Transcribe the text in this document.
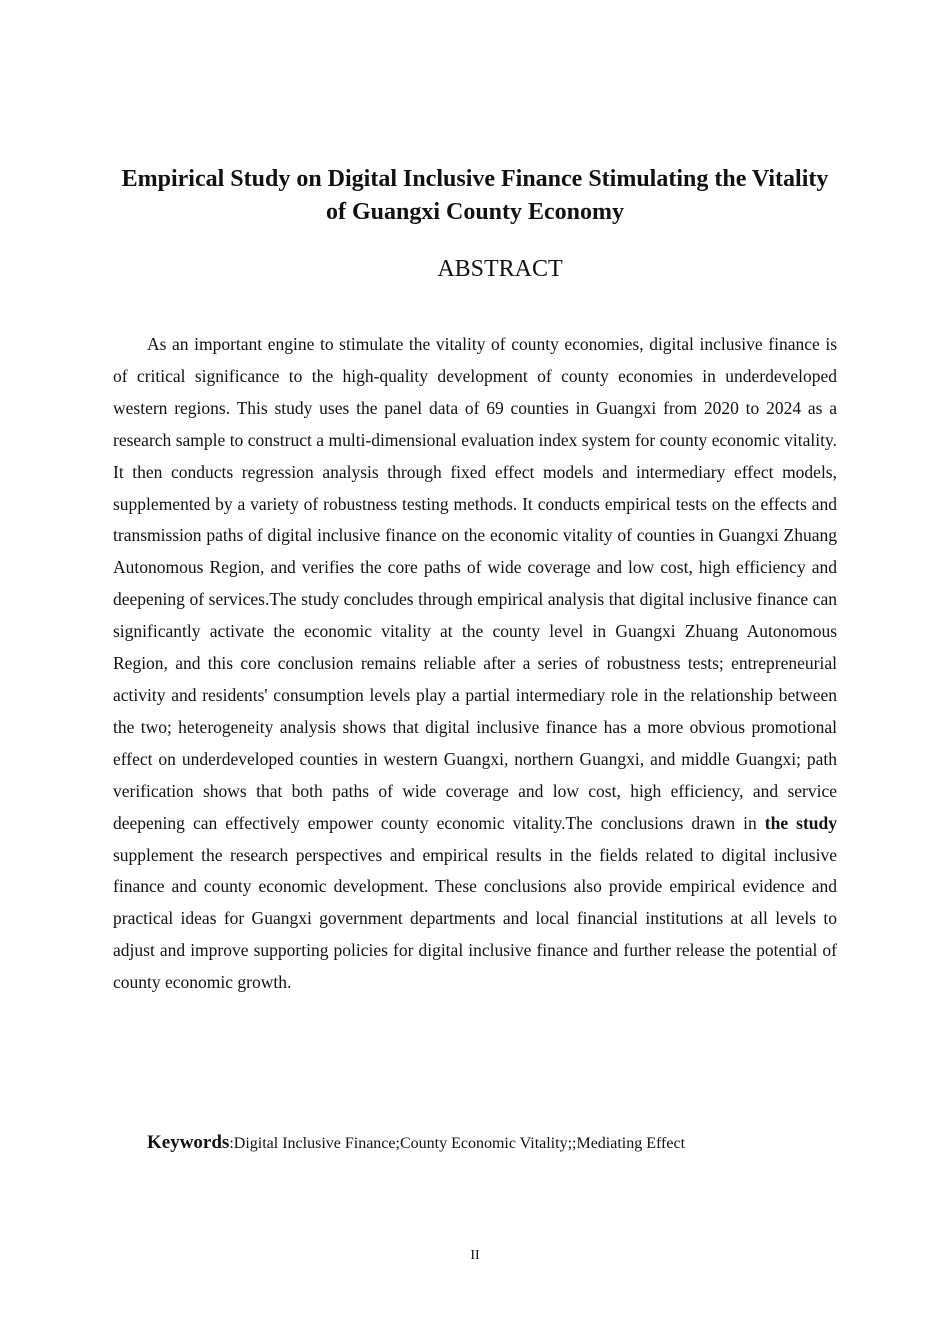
Empirical Study on Digital Inclusive Finance Stimulating the Vitality of Guangxi County Economy
ABSTRACT

As an important engine to stimulate the vitality of county economies, digital inclusive finance is of critical significance to the high-quality development of county economies in underdeveloped western regions. This study uses the panel data of 69 counties in Guangxi from 2020 to 2024 as a research sample to construct a multi-dimensional evaluation index system for county economic vitality. It then conducts regression analysis through fixed effect models and intermediary effect models, supplemented by a variety of robustness testing methods. It conducts empirical tests on the effects and transmission paths of digital inclusive finance on the economic vitality of counties in Guangxi Zhuang Autonomous Region, and verifies the core paths of wide coverage and low cost, high efficiency and deepening of services.The study concludes through empirical analysis that digital inclusive finance can significantly activate the economic vitality at the county level in Guangxi Zhuang Autonomous Region, and this core conclusion remains reliable after a series of robustness tests; entrepreneurial activity and residents' consumption levels play a partial intermediary role in the relationship between the two; heterogeneity analysis shows that digital inclusive finance has a more obvious promotional effect on underdeveloped counties in western Guangxi, northern Guangxi, and middle Guangxi; path verification shows that both paths of wide coverage and low cost, high efficiency, and service deepening can effectively empower county economic vitality.The conclusions drawn in the study supplement the research perspectives and empirical results in the fields related to digital inclusive finance and county economic development. These conclusions also provide empirical evidence and practical ideas for Guangxi government departments and local financial institutions at all levels to adjust and improve supporting policies for digital inclusive finance and further release the potential of county economic growth.

Keywords:Digital Inclusive Finance;County Economic Vitality;;Mediating Effect

II
